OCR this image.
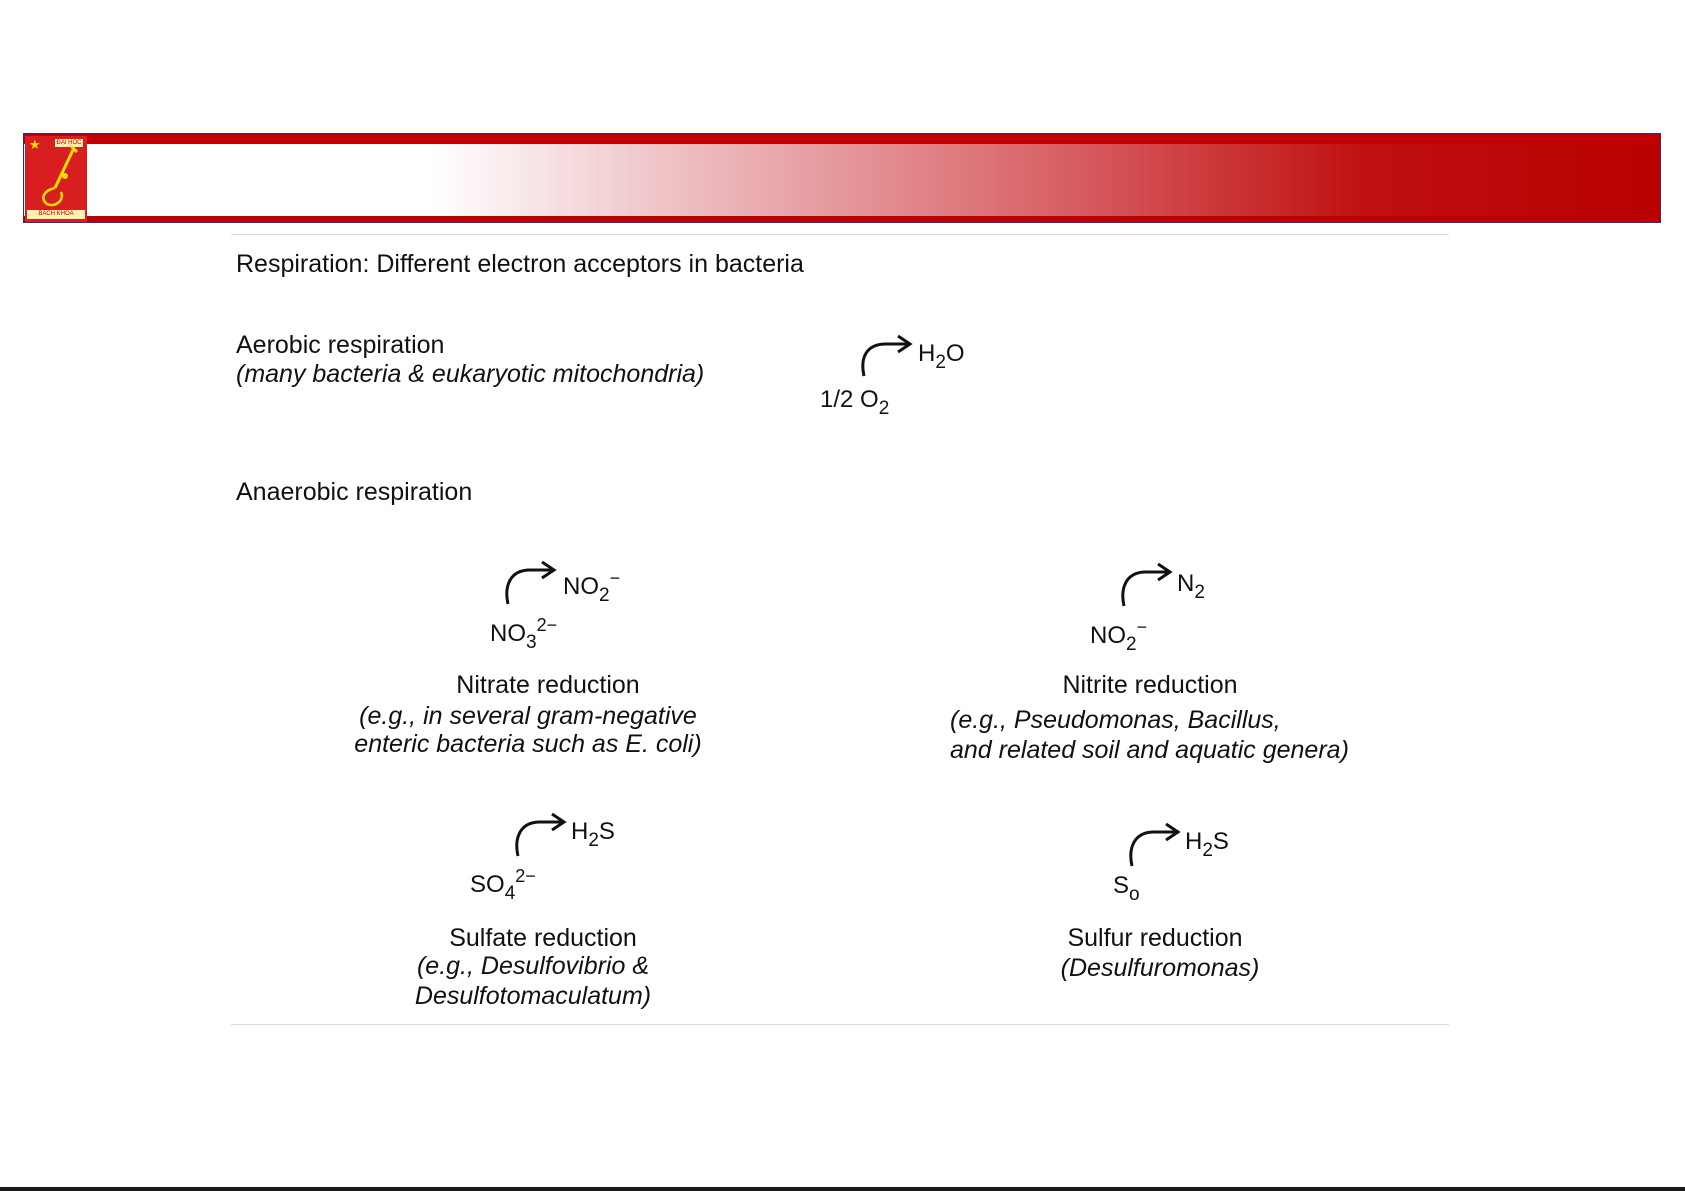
★	ĐẠI HỌC
BÁCH KHOA
Respiration: Different electron acceptors in bacteria
Aerobic respiration
(many bacteria & eukaryotic mitochondria)
$H_2O$
1/2 $O_2$
Anaerobic respiration
$NO_2^-$
$NO_3^{2-}$
Nitrate reduction
(e.g., in several gram-negative
enteric bacteria such as E. coli)
$N_2$
$NO_2^-$
Nitrite reduction
(e.g., Pseudomonas, Bacillus,
and related soil and aquatic genera)
$H_2S$
$SO_4^{2-}$
Sulfate reduction
(e.g., Desulfovibrio &
Desulfotomaculatum)
$H_2S$
$S_o$
Sulfur reduction
(Desulfuromonas)
